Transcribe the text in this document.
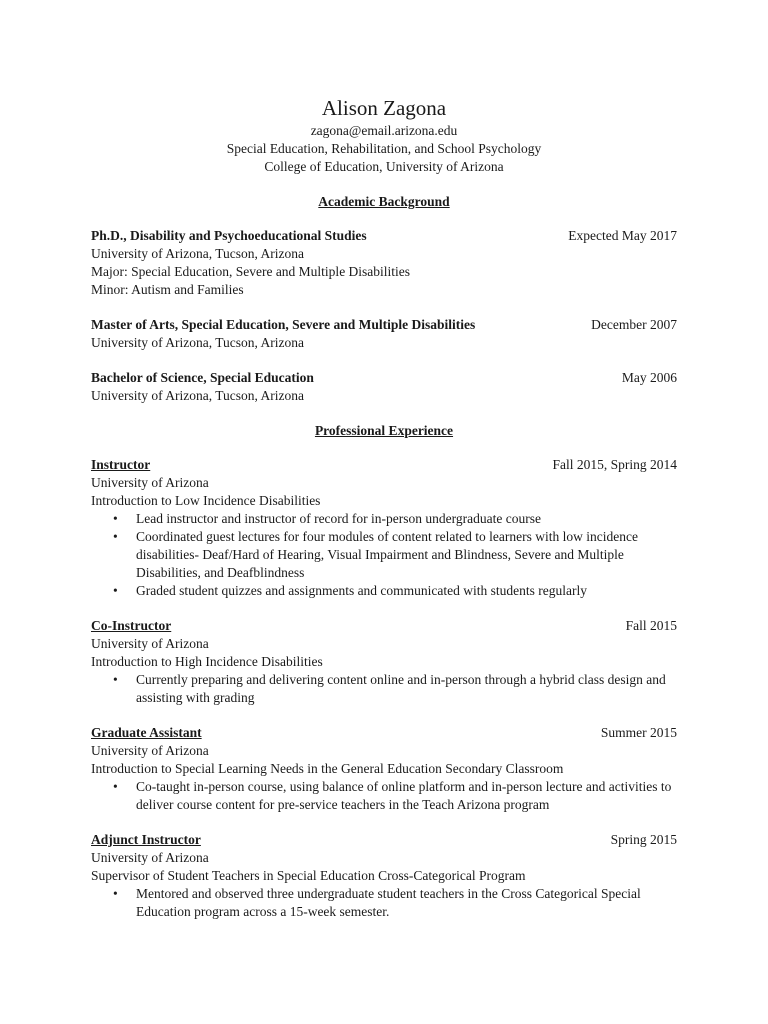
Alison Zagona
zagona@email.arizona.edu
Special Education, Rehabilitation, and School Psychology
College of Education, University of Arizona
Academic Background
Ph.D., Disability and Psychoeducational Studies	Expected May 2017
University of Arizona, Tucson, Arizona
Major: Special Education, Severe and Multiple Disabilities
Minor: Autism and Families
Master of Arts, Special Education, Severe and Multiple Disabilities	December 2007
University of Arizona, Tucson, Arizona
Bachelor of Science, Special Education	May 2006
University of Arizona, Tucson, Arizona
Professional Experience
Instructor	Fall 2015, Spring 2014
University of Arizona
Introduction to Low Incidence Disabilities
• Lead instructor and instructor of record for in-person undergraduate course
• Coordinated guest lectures for four modules of content related to learners with low incidence disabilities- Deaf/Hard of Hearing, Visual Impairment and Blindness, Severe and Multiple Disabilities, and Deafblindness
• Graded student quizzes and assignments and communicated with students regularly
Co-Instructor	Fall 2015
University of Arizona
Introduction to High Incidence Disabilities
• Currently preparing and delivering content online and in-person through a hybrid class design and assisting with grading
Graduate Assistant	Summer 2015
University of Arizona
Introduction to Special Learning Needs in the General Education Secondary Classroom
• Co-taught in-person course, using balance of online platform and in-person lecture and activities to deliver course content for pre-service teachers in the Teach Arizona program
Adjunct Instructor	Spring 2015
University of Arizona
Supervisor of Student Teachers in Special Education Cross-Categorical Program
• Mentored and observed three undergraduate student teachers in the Cross Categorical Special Education program across a 15-week semester.
